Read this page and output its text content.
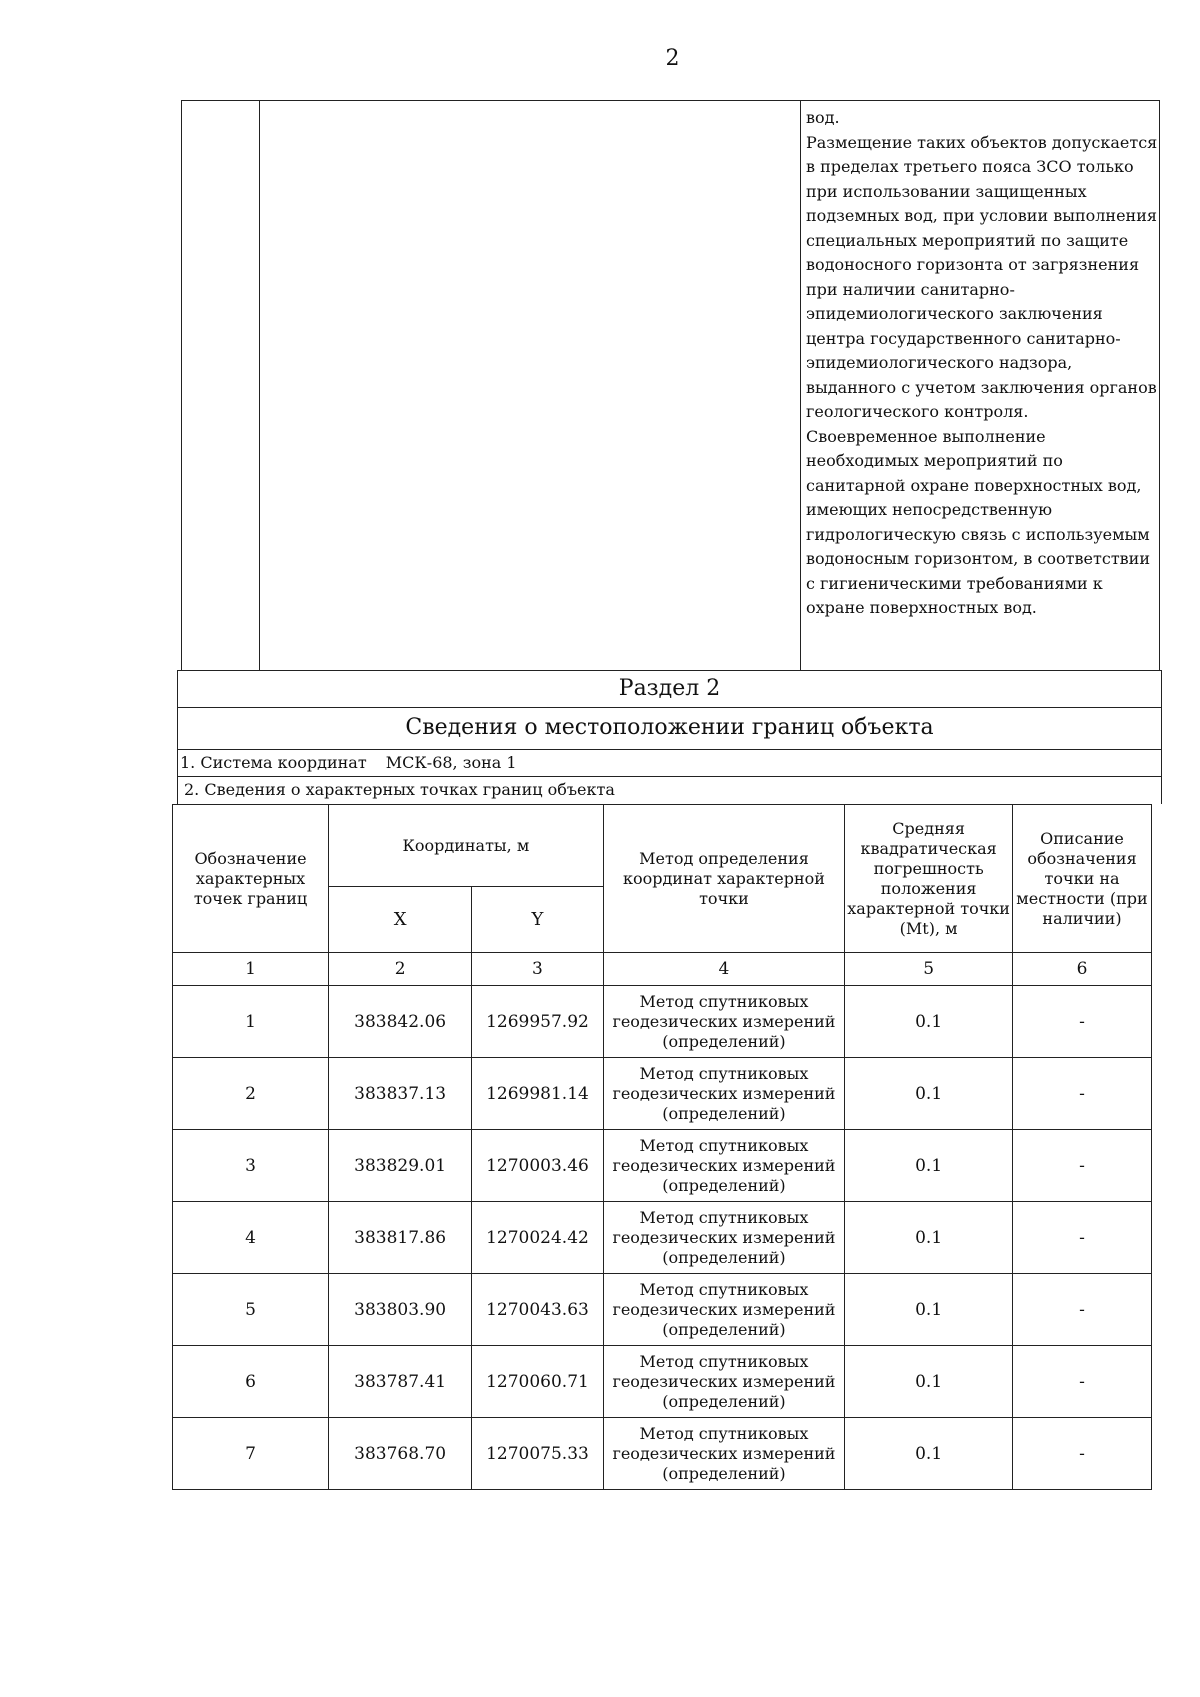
2
вод.
Размещение таких объектов допускается в пределах третьего пояса ЗСО только при использовании защищенных подземных вод, при условии выполнения специальных мероприятий по защите водоносного горизонта от загрязнения при наличии санитарно-эпидемиологического заключения центра государственного санитарно-эпидемиологического надзора, выданного с учетом заключения органов геологического контроля.
Своевременное выполнение необходимых мероприятий по санитарной охране поверхностных вод, имеющих непосредственную гидрологическую связь с используемым водоносным горизонтом, в соответствии с гигиеническими требованиями к охране поверхностных вод.
Раздел 2
Сведения о местоположении границ объекта
1. Система координат МСК-68, зона 1
2. Сведения о характерных точках границ объекта
Обозначение характерных точек границ	Координаты, м		Метод определения координат характерной точки	Средняя квадратическая погрешность положения характерной точки (Mt), м	Описание обозначения точки на местности (при наличии)
	X	Y			
1	2	3	4	5	6
1	383842.06	1269957.92	Метод спутниковых геодезических измерений (определений)	0.1	-
2	383837.13	1269981.14	Метод спутниковых геодезических измерений (определений)	0.1	-
3	383829.01	1270003.46	Метод спутниковых геодезических измерений (определений)	0.1	-
4	383817.86	1270024.42	Метод спутниковых геодезических измерений (определений)	0.1	-
5	383803.90	1270043.63	Метод спутниковых геодезических измерений (определений)	0.1	-
6	383787.41	1270060.71	Метод спутниковых геодезических измерений (определений)	0.1	-
7	383768.70	1270075.33	Метод спутниковых геодезических измерений (определений)	0.1	-
